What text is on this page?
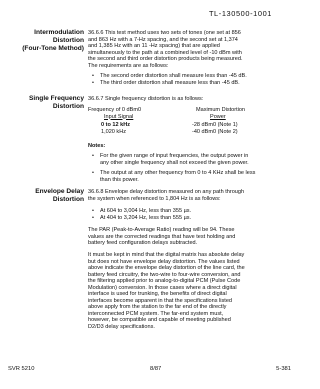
TL-130500-1001
Intermodulation
Distortion
(Four-Tone Method)
36.6.6 This test method uses two sets of tones (one set at 856
and 863 Hz with a 7-Hz spacing, and the second set at 1,374
and 1,385 Hz with an 11 -Hz spacing) that are applied
simultaneously to the path at a combined level of -10 dBm with
the second and third order distortion products being measured.
The requirements are as follows:
• The second order distortion shall measure less than -45 dB.
• The third order distortion shall measure less than -45 dB.
Single Frequency
Distortion
36.6.7 Single frequency distortion is as follows:
Frequency of 0 dBm0
Input Signal
Maximum Distortion
Power
0 to 12 kHz
1,020 kHz
-28 dBm0 (Note 1)
-40 dBm0 (Note 2)
Notes:
• For the given range of input frequencies, the output power in
any other single frequency shall not exceed the given power.
• The output at any other frequency from 0 to 4 KHz shall be less
than this power.
Envelope Delay
Distortion
36.6.8 Envelope delay distortion measured on any path through
the system when referenced to 1,804 Hz is as follows:
• At 604 to 3,004 Hz, less than 355 µs.
• At 404 to 3,204 Hz, less than 555 µs.
The PAR (Peak-to-Average Ratio) reading will be 94. These
values are the corrected readings that have test holding and
battery feed configuration delays subtracted.
It must be kept in mind that the digital matrix has absolute delay
but does not have envelope delay distortion. The values listed
above indicate the envelope delay distortion of the line card, the
battery feed circuitry, the two-wire to four-wire conversion, and
the filtering applied prior to analog-to-digital PCM (Pulse Code
Modulation) conversion. In those cases where a direct digital
interface is used for trunking, the benefits of direct digital
interfaces become apparent in that the specifications listed
above apply from the station to the far end of the directly
interconnected PCM system. The far-end system must,
however, be compatible and capable of meeting published
D2/D3 delay specifications.
SVR 5210	8/87	5-381
